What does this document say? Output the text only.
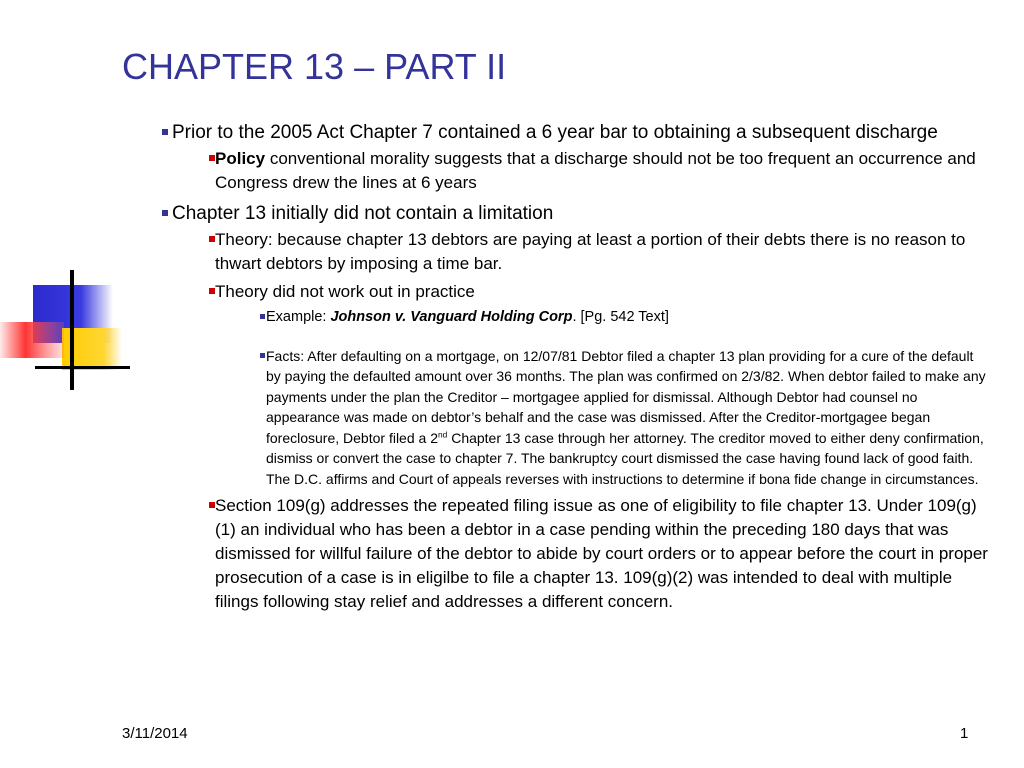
CHAPTER 13 – PART II
Prior to the 2005 Act Chapter 7 contained a 6 year bar to obtaining a subsequent discharge
Policy conventional morality suggests that a discharge should not be too frequent an occurrence and Congress drew the lines at 6 years
Chapter 13 initially did not contain a limitation
Theory: because chapter 13 debtors are paying at least a portion of their debts there is no reason to thwart debtors by imposing a time bar.
Theory did not work out in practice
Example: Johnson v. Vanguard Holding Corp. [Pg. 542 Text]
Facts: After defaulting on a mortgage, on 12/07/81 Debtor filed a chapter 13 plan providing for a cure of the default by paying the defaulted amount over 36 months. The plan was confirmed on 2/3/82. When debtor failed to make any payments under the plan the Creditor – mortgagee applied for dismissal. Although Debtor had counsel no appearance was made on debtor’s behalf and the case was dismissed. After the Creditor-mortgagee began foreclosure, Debtor filed a 2nd Chapter 13 case through her attorney. The creditor moved to either deny confirmation, dismiss or convert the case to chapter 7. The bankruptcy court dismissed the case having found lack of good faith. The D.C. affirms and Court of appeals reverses with instructions to determine if bona fide change in circumstances.
Section 109(g) addresses the repeated filing issue as one of eligibility to file chapter 13. Under 109(g)(1) an individual who has been a debtor in a case pending within the preceding 180 days that was dismissed for willful failure of the debtor to abide by court orders or to appear before the court in proper prosecution of a case is in eligilbe to file a chapter 13. 109(g)(2) was intended to deal with multiple filings following stay relief and addresses a different concern.
3/11/2014	1
